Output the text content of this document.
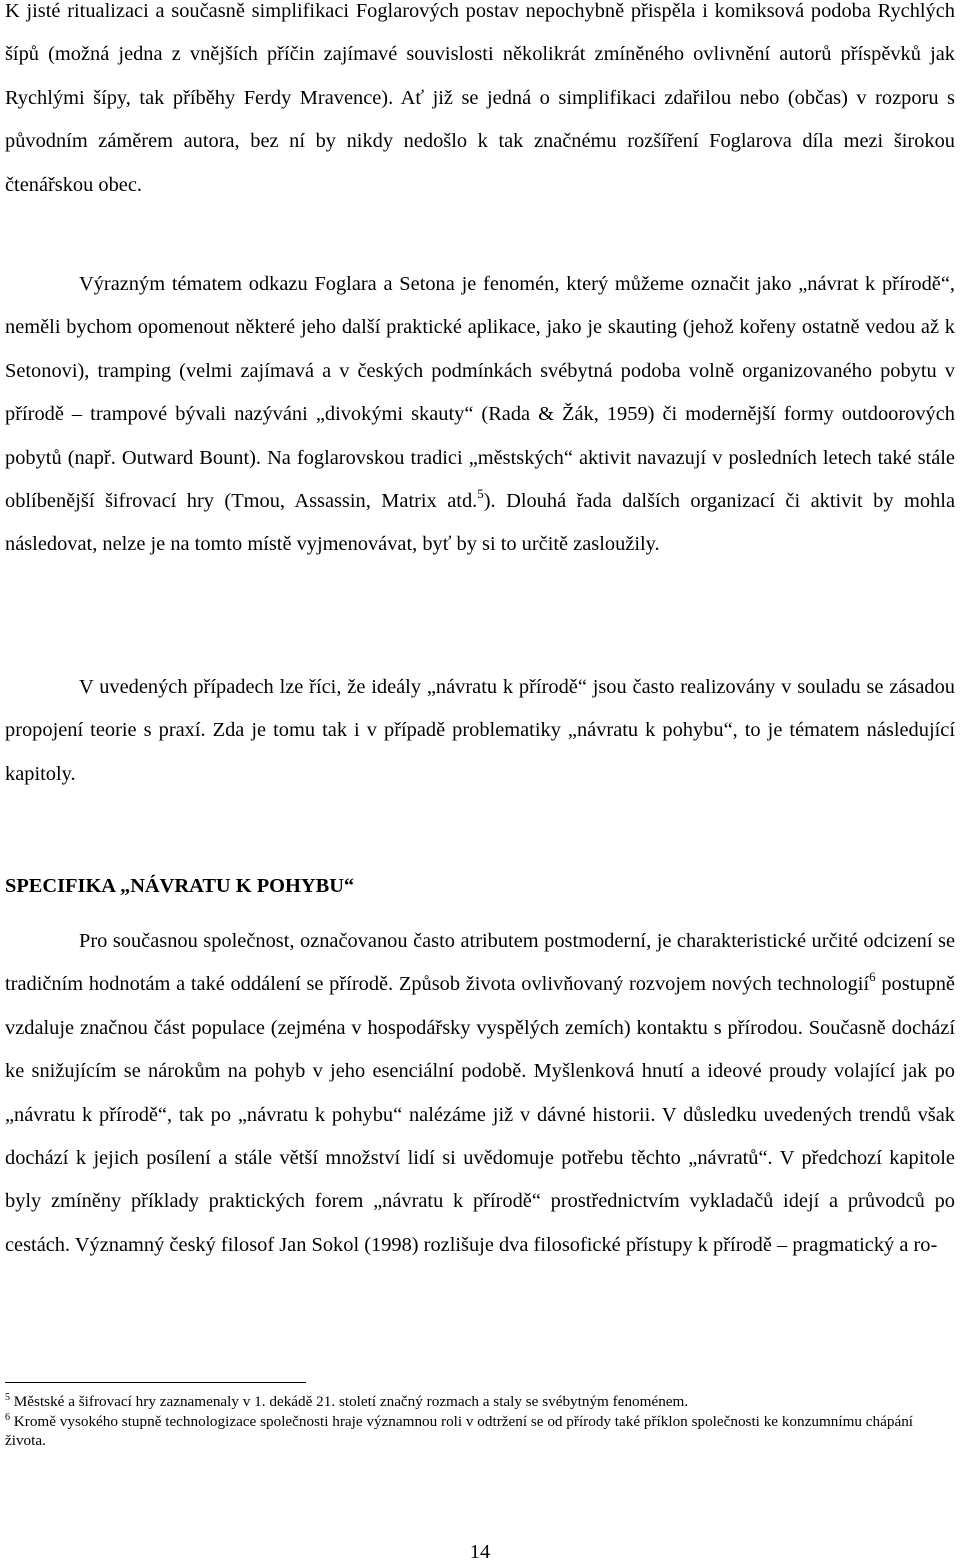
K jisté ritualizaci a současně simplifikaci Foglarových postav nepochybně přispěla i komiksová podoba Rychlých šípů (možná jedna z vnějších příčin zajímavé souvislosti několikrát zmíněného ovlivnění autorů příspěvků jak Rychlými šípy, tak příběhy Ferdy Mravence). Ať již se jedná o simplifikaci zdařilou nebo (občas) v rozporu s původním záměrem autora, bez ní by nikdy nedošlo k tak značnému rozšíření Foglarova díla mezi širokou čtenářskou obec.

Výrazným tématem odkazu Foglara a Setona je fenomén, který můžeme označit jako „návrat k přírodě“, neměli bychom opomenout některé jeho další praktické aplikace, jako je skauting (jehož kořeny ostatně vedou až k Setonovi), tramping (velmi zajímavá a v českých podmínkách svébytná podoba volně organizovaného pobytu v přírodě – trampové bývali nazýváni „divokými skauty“ (Rada & Žák, 1959) či modernější formy outdoorových pobytů (např. Outward Bount). Na foglarovskou tradici „městských“ aktivit navazují v posledních letech také stále oblíbenější šifrovací hry (Tmou, Assassin, Matrix atd.$^5$). Dlouhá řada dalších organizací či aktivit by mohla následovat, nelze je na tomto místě vyjmenovávat, byť by si to určitě zasloužily.

V uvedených případech lze říci, že ideály „návratu k přírodě“ jsou často realizovány v souladu se zásadou propojení teorie s praxí. Zda je tomu tak i v případě problematiky „návratu k pohybu“, to je tématem následující kapitoly.

SPECIFIKA „NÁVRATU K POHYBU“

Pro současnou společnost, označovanou často atributem postmoderní, je charakteristické určité odcizení se tradičním hodnotám a také oddálení se přírodě. Způsob života ovlivňovaný rozvojem nových technologií$^6$ postupně vzdaluje značnou část populace (zejména v hospodářsky vyspělých zemích) kontaktu s přírodou. Současně dochází ke snižujícím se nárokům na pohyb v jeho esenciální podobě. Myšlenková hnutí a ideové proudy volající jak po „návratu k přírodě“, tak po „návratu k pohybu“ nalézáme již v dávné historii. V důsledku uvedených trendů však dochází k jejich posílení a stále větší množství lidí si uvědomuje potřebu těchto „návratů“. V předchozí kapitole byly zmíněny příklady praktických forem „návratu k přírodě“ prostřednictvím vykladačů idejí a průvodců po cestách. Významný český filosof Jan Sokol (1998) rozlišuje dva filosofické přístupy k přírodě – pragmatický a ro-

$^5$ Městské a šifrovací hry zaznamenaly v 1. dekádě 21. století značný rozmach a staly se svébytným fenoménem.

$^6$ Kromě vysokého stupně technologizace společnosti hraje významnou roli v odtržení se od přírody také příklon společnosti ke konzumnímu chápání života.

14
